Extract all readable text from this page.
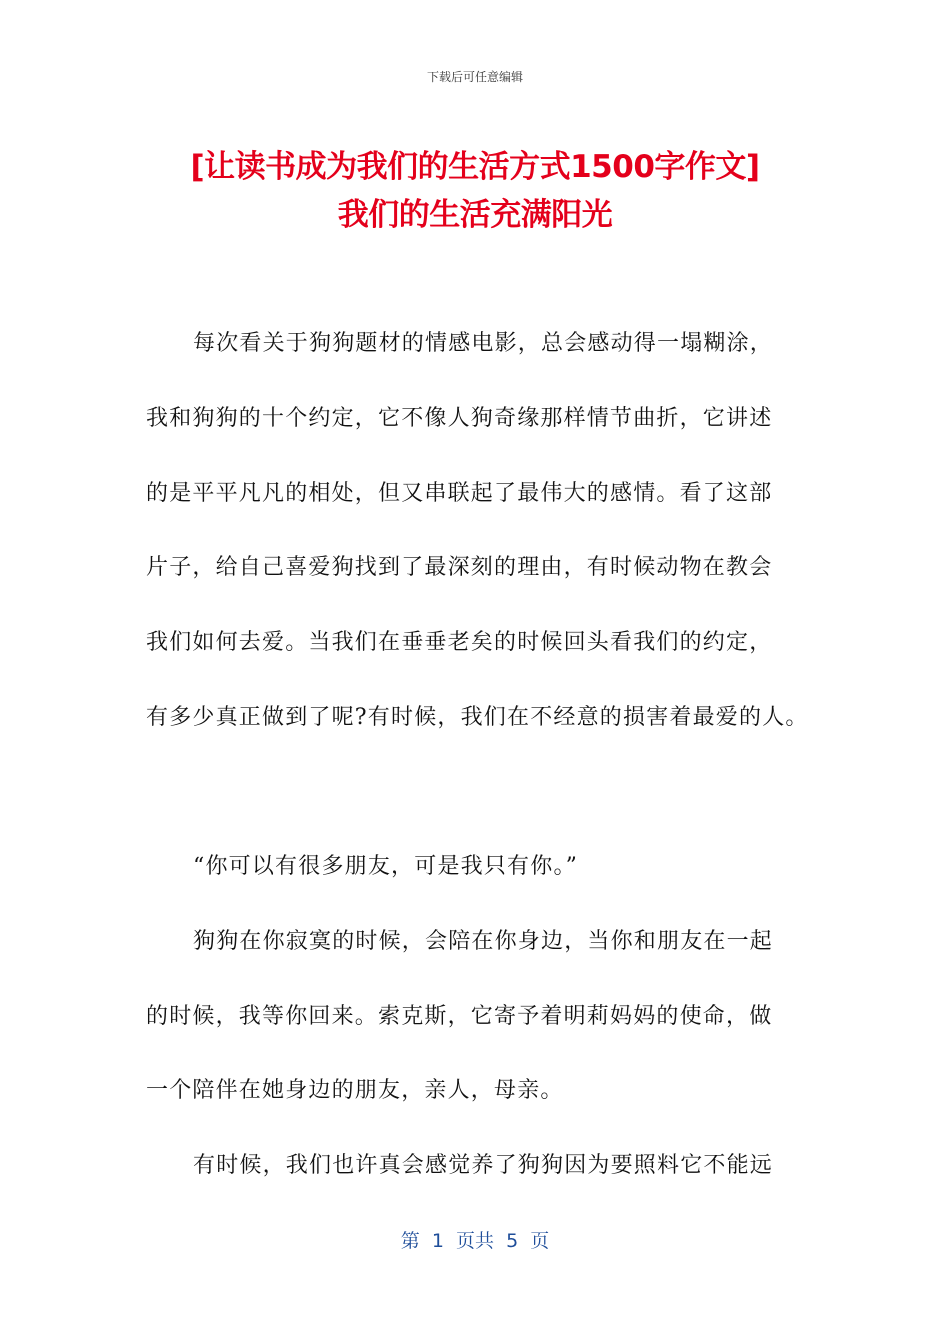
下载后可任意编辑
[让读书成为我们的生活方式1500字作文]
我们的生活充满阳光
每次看关于狗狗题材的情感电影，总会感动得一塌糊涂，
我和狗狗的十个约定，它不像人狗奇缘那样情节曲折，它讲述
的是平平凡凡的相处，但又串联起了最伟大的感情。看了这部
片子，给自己喜爱狗找到了最深刻的理由，有时候动物在教会
我们如何去爱。当我们在垂垂老矣的时候回头看我们的约定，
有多少真正做到了呢?有时候，我们在不经意的损害着最爱的人。
“你可以有很多朋友，可是我只有你。”
狗狗在你寂寞的时候，会陪在你身边，当你和朋友在一起
的时候，我等你回来。索克斯，它寄予着明莉妈妈的使命，做
一个陪伴在她身边的朋友，亲人，母亲。
有时候，我们也许真会感觉养了狗狗因为要照料它不能远
第  1  页共  5  页
